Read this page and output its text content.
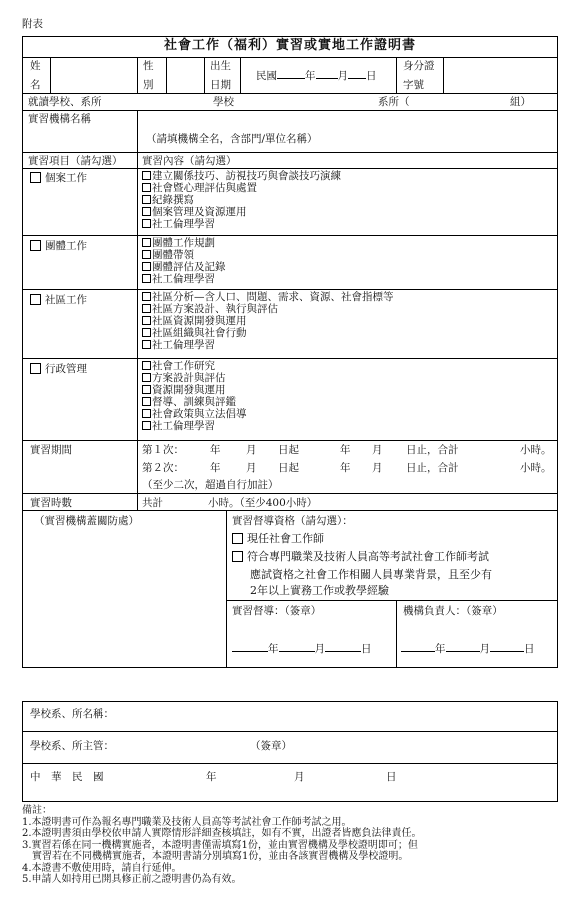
附表
社會工作（福利）實習或實地工作證明書
姓
名
性
別
出生
日期
民國	年 月 日
身分證
字號
就讀學校、系所	學校	系所（	組）
實習機構名稱
（請填機構全名，含部門/單位名稱）
實習項目（請勾選） 實習內容（請勾選）
個案工作	建立關係技巧、訪視技巧與會談技巧演練
社會暨心理評估與處置
紀錄撰寫
個案管理及資源運用
社工倫理學習
團體工作	團體工作規劃
團體帶領
團體評估及記錄
社工倫理學習
社區工作	社區分析—含人口、問題、需求、資源、社會指標等
社區方案設計、執行與評估
社區資源開發與運用
社區組織與社會行動
社工倫理學習
行政管理	社會工作研究
方案設計與評估
資源開發與運用
督導、訓練與評鑑
社會政策與立法倡導
社工倫理學習
實習期間	第１次： 年 月 日起	年 月 日止，合計	小時。
第２次： 年 月 日起	年 月 日止，合計	小時。
（至少二次，超過自行加註）
實習時數	共計	小時。（至少400小時）
（實習機構蓋關防處）	實習督導資格（請勾選）：
現任社會工作師
符合專門職業及技術人員高等考試社會工作師考試
應試資格之社會工作相關人員專業背景，且至少有
2年以上實務工作或教學經驗
實習督導：（簽章）
年	月	日
機構負責人：（簽章）
年	月	日
學校系、所名稱：
學校系、所主管：	（簽章）
中　華　民　國	年	月	日
備註：
1.本證明書可作為報名專門職業及技術人員高等考試社會工作師考試之用。
2.本證明書須由學校依申請人實際情形詳細查核填註，如有不實，出證者皆應負法律責任。
3.實習若係在同一機構實施者，本證明書僅需填寫1份，並由實習機構及學校證明即可；但
　實習若在不同機構實施者，本證明書請分別填寫1份，並由各該實習機構及學校證明。
4.本證書不敷使用時，請自行延伸。
5.申請人如持用已開具修正前之證明書仍為有效。
